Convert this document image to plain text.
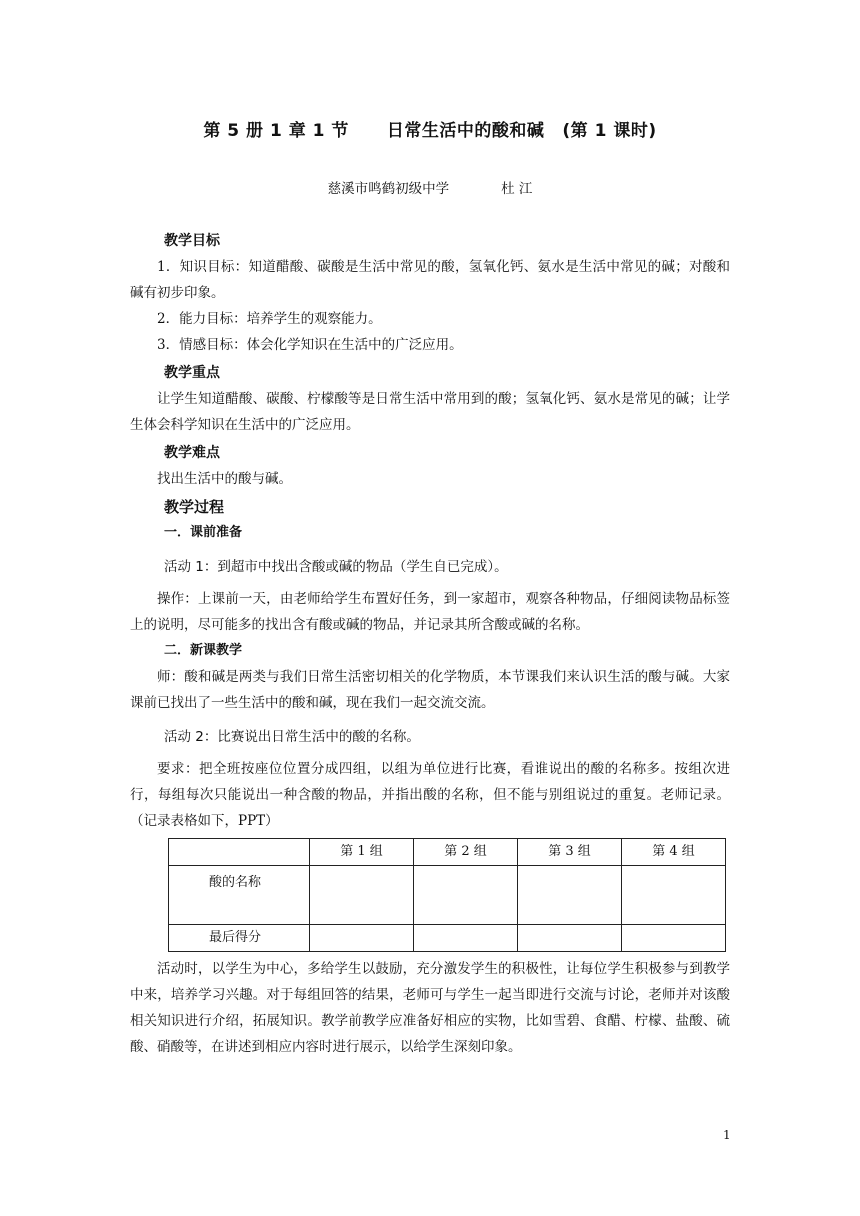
第 5 册 1 章 1 节 日常生活中的酸和碱 (第 1 课时)
慈溪市鸣鹤初级中学	杜 江
教学目标

1．知识目标：知道醋酸、碳酸是生活中常见的酸，氢氧化钙、氨水是生活中常见的碱；对酸和碱有初步印象。

2．能力目标：培养学生的观察能力。

3．情感目标：体会化学知识在生活中的广泛应用。

教学重点

让学生知道醋酸、碳酸、柠檬酸等是日常生活中常用到的酸；氢氧化钙、氨水是常见的碱；让学生体会科学知识在生活中的广泛应用。

教学难点

找出生活中的酸与碱。

教学过程
一．课前准备
活动 1：到超市中找出含酸或碱的物品（学生自已完成）。

操作：上课前一天，由老师给学生布置好任务，到一家超市，观察各种物品，仔细阅读物品标签上的说明，尽可能多的找出含有酸或碱的物品，并记录其所含酸或碱的名称。

二．新课教学

师：酸和碱是两类与我们日常生活密切相关的化学物质，本节课我们来认识生活的酸与碱。大家课前已找出了一些生活中的酸和碱，现在我们一起交流交流。

活动 2：比赛说出日常生活中的酸的名称。

要求：把全班按座位位置分成四组，以组为单位进行比赛，看谁说出的酸的名称多。按组次进行，每组每次只能说出一种含酸的物品，并指出酸的名称，但不能与别组说过的重复。老师记录。（记录表格如下，PPT）

	第 1 组	第 2 组	第 3 组	第 4 组
酸的名称				
最后得分				

活动时，以学生为中心，多给学生以鼓励，充分激发学生的积极性，让每位学生积极参与到教学中来，培养学习兴趣。对于每组回答的结果，老师可与学生一起当即进行交流与讨论，老师并对该酸相关知识进行介绍，拓展知识。教学前教学应准备好相应的实物，比如雪碧、食醋、柠檬、盐酸、硫酸、硝酸等，在讲述到相应内容时进行展示，以给学生深刻印象。

1
